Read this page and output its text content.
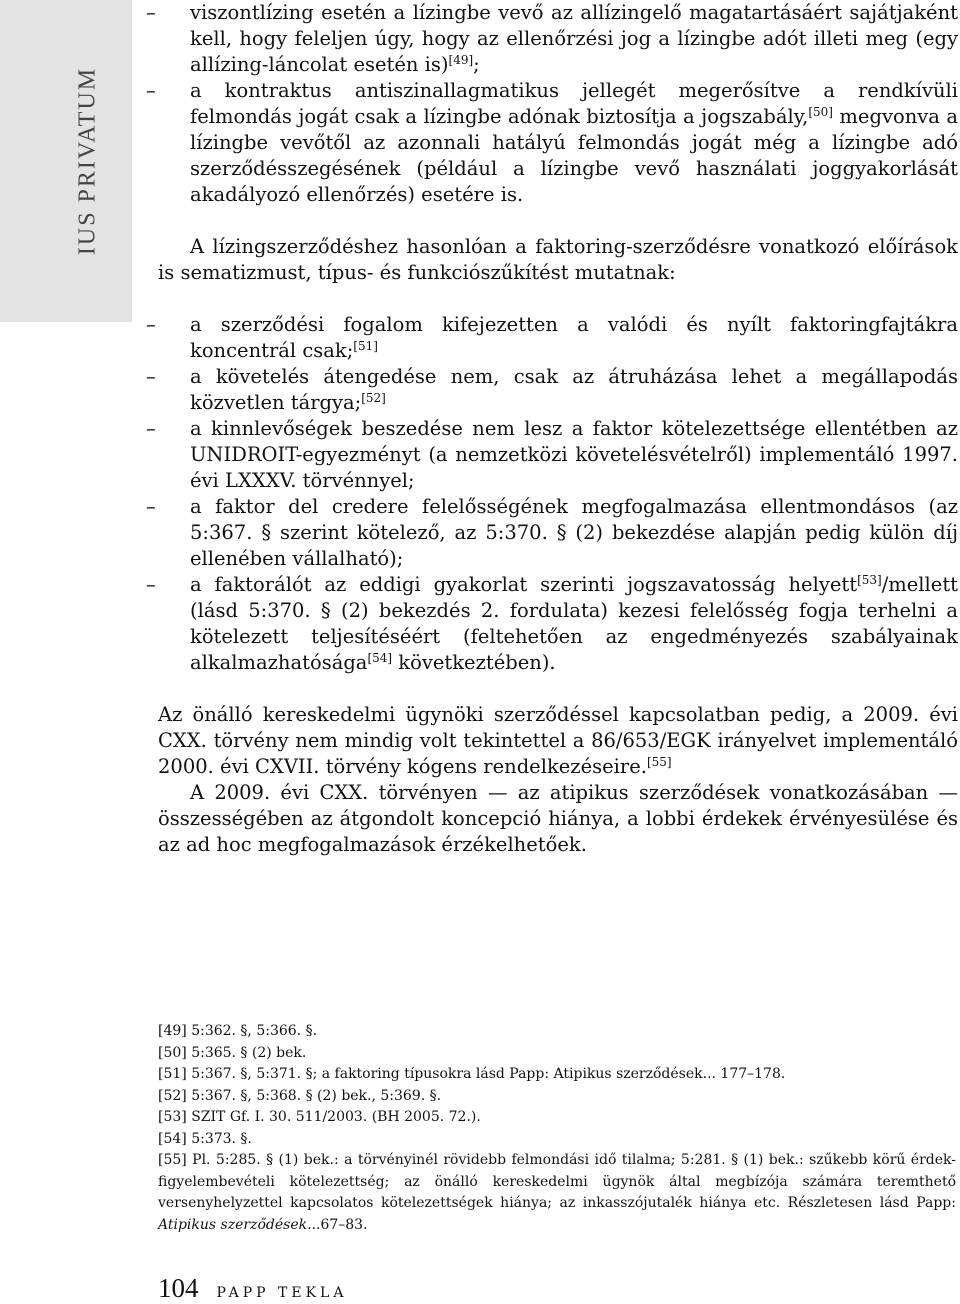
IUS PRIVATUM
– viszontlízing esetén a lízingbe vevő az allízingelő magatartásáért sajátjaként kell, hogy feleljen úgy, hogy az ellenőrzési jog a lízingbe adót illeti meg (egy allízing-láncolat esetén is)[49];
– a kontraktus antiszinallagmatikus jellegét megerősítve a rendkívüli felmondás jogát csak a lízingbe adónak biztosítja a jogszabály,[50] megvonva a lízingbe vevőtől az azonnali hatályú felmondás jogát még a lízingbe adó szerződésszegésének (például a lízingbe vevő használati joggyakorlását akadályozó ellenőrzés) esetére is.

A lízingszerződéshez hasonlóan a faktoring-szerződésre vonatkozó előírások is sematizmust, típus- és funkciószűkítést mutatnak:

– a szerződési fogalom kifejezetten a valódi és nyílt faktoringfajtákra koncentrál csak;[51]
– a követelés átengedése nem, csak az átruházása lehet a megállapodás közvetlen tárgya;[52]
– a kinnlevőségek beszedése nem lesz a faktor kötelezettsége ellentétben az UNIDROIT-egyezményt (a nemzetközi követelésvételről) implementáló 1997. évi LXXXV. törvénnyel;
– a faktor del credere felelősségének megfogalmazása ellentmondásos (az 5:367. § szerint kötelező, az 5:370. § (2) bekezdése alapján pedig külön díj ellenében vállalható);
– a faktorálót az eddigi gyakorlat szerinti jogszavatosság helyett[53]/mellett (lásd 5:370. § (2) bekezdés 2. fordulata) kezesi felelősség fogja terhelni a kötelezett teljesítéséért (feltehetően az engedményezés szabályainak alkalmazhatósága[54] következtében).

Az önálló kereskedelmi ügynöki szerződéssel kapcsolatban pedig, a 2009. évi CXX. törvény nem mindig volt tekintettel a 86/653/EGK irányelvet implementáló 2000. évi CXVII. törvény kógens rendelkezéseire.[55]

A 2009. évi CXX. törvényen — az atipikus szerződések vonatkozásában — összességében az átgondolt koncepció hiánya, a lobbi érdekek érvényesülése és az ad hoc megfogalmazások érzékelhetőek.

[49] 5:362. §, 5:366. §.

[50] 5:365. § (2) bek.

[51] 5:367. §, 5:371. §; a faktoring típusokra lásd Papp: Atipikus szerződések... 177–178.

[52] 5:367. §, 5:368. § (2) bek., 5:369. §.

[53] SZIT Gf. I. 30. 511/2003. (BH 2005. 72.).

[54] 5:373. §.

[55] Pl. 5:285. § (1) bek.: a törvényinél rövidebb felmondási idő tilalma; 5:281. § (1) bek.: szűkebb körű érdek-figyelembevételi kötelezettség; az önálló kereskedelmi ügynök által megbízója számára teremthető versenyhelyzettel kapcsolatos kötelezettségek hiánya; az inkasszójutalék hiánya etc. Részletesen lásd Papp: Atipikus szerződések...67–83.

104 PAPP TEKLA
